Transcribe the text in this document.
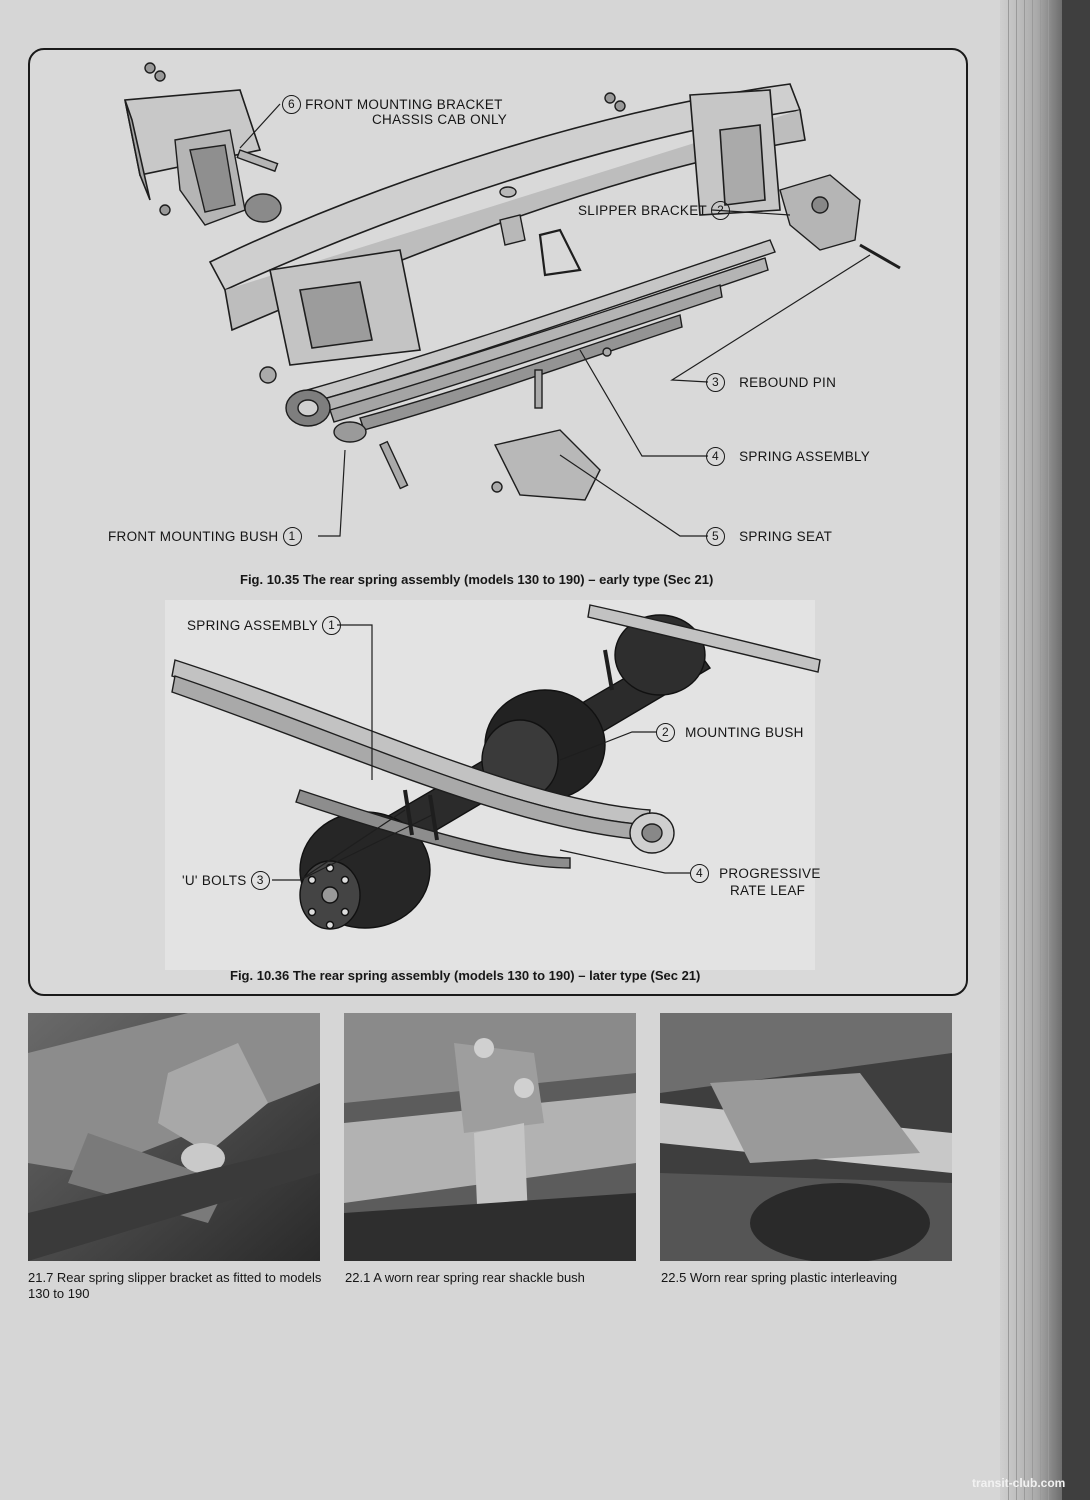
6 FRONT MOUNTING BRACKET
CHASSIS CAB ONLY
SLIPPER BRACKET 2
3 REBOUND PIN
4 SPRING ASSEMBLY
5 SPRING SEAT
FRONT MOUNTING BUSH 1
Fig. 10.35 The rear spring assembly (models 130 to 190) – early type (Sec 21)
SPRING ASSEMBLY 1
2 MOUNTING BUSH
'U' BOLTS 3	4 PROGRESSIVE
RATE LEAF
Fig. 10.36 The rear spring assembly (models 130 to 190) – later type (Sec 21)
21.7 Rear spring slipper bracket as fitted to models 130 to 190
22.1 A worn rear spring rear shackle bush	22.5 Worn rear spring plastic interleaving
transit-club.com
